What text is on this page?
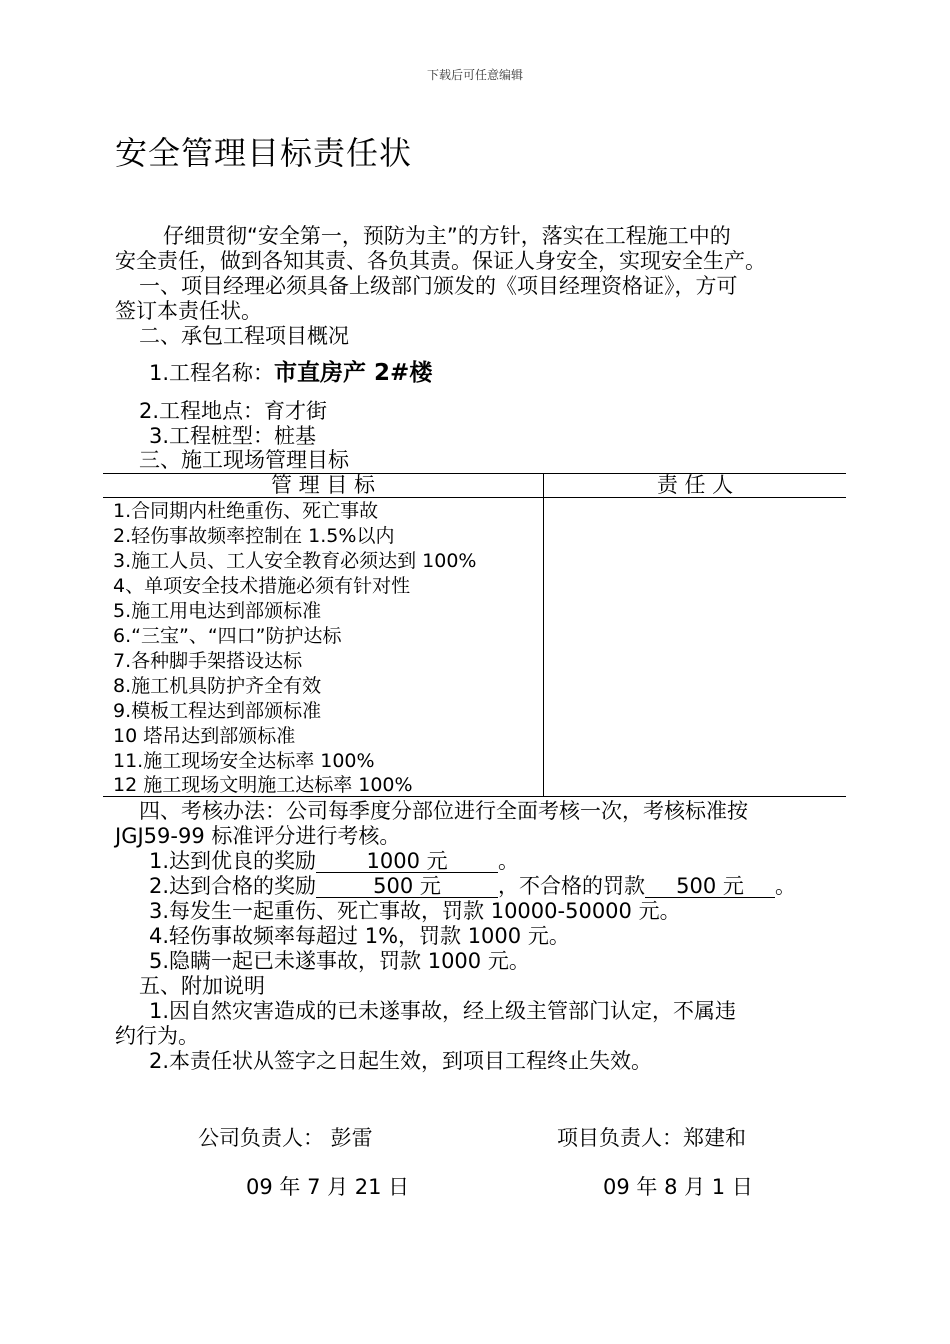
下载后可任意编辑
安全管理目标责任状
仔细贯彻“安全第一，预防为主”的方针，落实在工程施工中的
安全责任，做到各知其责、各负其责。保证人身安全，实现安全生产。
一、项目经理必须具备上级部门颁发的《项目经理资格证》，方可
签订本责任状。
二、承包工程项目概况
1.工程名称：市直房产 2#楼
2.工程地点：育才街
3.工程桩型：桩基
三、施工现场管理目标
管 理 目 标	责 任 人
1.合同期内杜绝重伤、死亡事故
2.轻伤事故频率控制在 1.5%以内
3.施工人员、工人安全教育必须达到 100%
4、单项安全技术措施必须有针对性
5.施工用电达到部颁标准
6.“三宝”、“四口”防护达标
7.各种脚手架搭设达标
8.施工机具防护齐全有效
9.模板工程达到部颁标准
10 塔吊达到部颁标准
11.施工现场安全达标率 100%
12 施工现场文明施工达标率 100%
四、考核办法：公司每季度分部位进行全面考核一次，考核标准按
JGJ59-99 标准评分进行考核。
1.达到优良的奖励 1000 元 。
2.达到合格的奖励	500 元	，不合格的罚款 500 元 。
3.每发生一起重伤、死亡事故，罚款 10000-50000 元。
4.轻伤事故频率每超过 1%，罚款 1000 元。
5.隐瞒一起已未遂事故，罚款 1000 元。
五、附加说明
1.因自然灾害造成的已未遂事故，经上级主管部门认定，不属违
约行为。
2.本责任状从签字之日起生效，到项目工程终止失效。
公司负责人： 彭雷	项目负责人：郑建和
09 年 7 月 21 日	09 年 8 月 1 日
